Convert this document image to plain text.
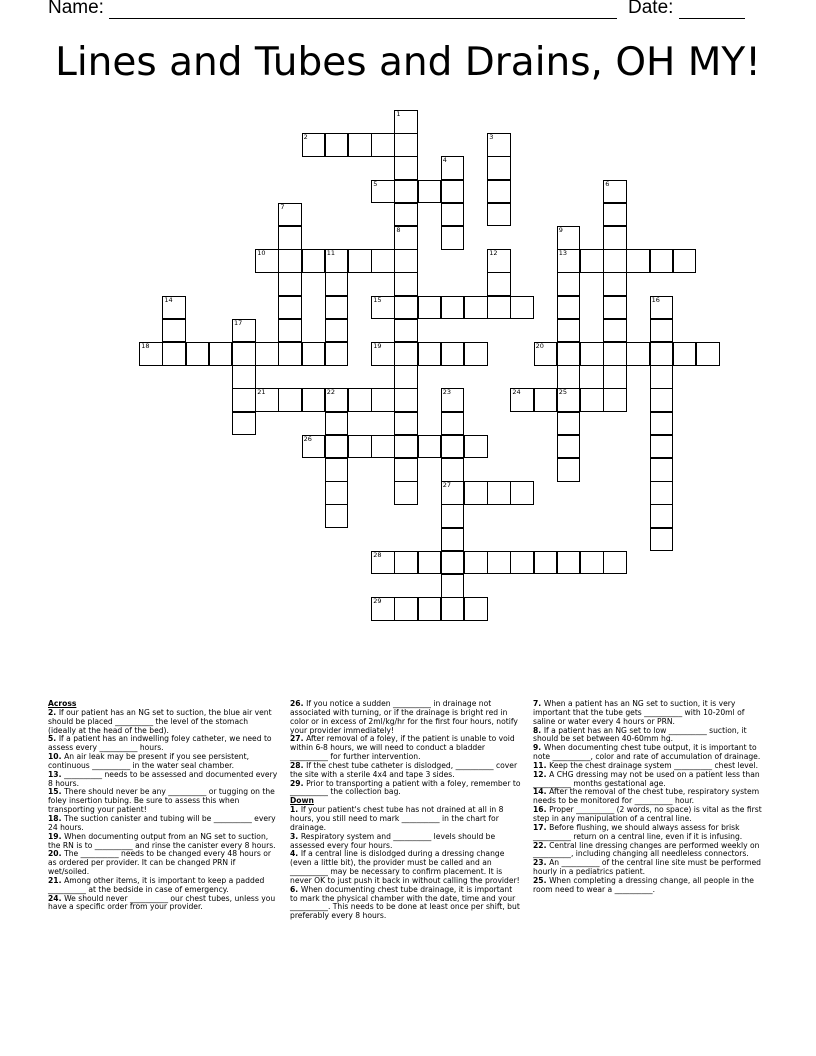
Name:	Date:
Lines and Tubes and Drains, OH MY!
1
8
2	3
4
5	6
7
9
13
10	11	12
14	15	16
17
18	19	20
21	22	23
27
24	25
26
28
29
Across
2. If our patient has an NG set to suction, the blue air vent should be placed __________ the level of the stomach (ideally at the head of the bed).
5. If a patient has an indwelling foley catheter, we need to assess every __________ hours.
10. An air leak may be present if you see persistent, continuous __________ in the water seal chamber.
13. __________ needs to be assessed and documented every 8 hours.
15. There should never be any __________ or tugging on the foley insertion tubing. Be sure to assess this when transporting your patient!
18. The suction canister and tubing will be __________ every 24 hours.
19. When documenting output from an NG set to suction, the RN is to __________ and rinse the canister every 8 hours.
20. The __________ needs to be changed every 48 hours or as ordered per provider. It can be changed PRN if wet/soiled.
21. Among other items, it is important to keep a padded __________ at the bedside in case of emergency.
24. We should never __________ our chest tubes, unless you have a specific order from your provider.
26. If you notice a sudden __________ in drainage not associated with turning, or if the drainage is bright red in color or in excess of 2ml/kg/hr for the first four hours, notify your provider immediately!
27. After removal of a foley, if the patient is unable to void within 6-8 hours, we will need to conduct a bladder __________ for further intervention.
28. If the chest tube catheter is dislodged, __________ cover the site with a sterile 4x4 and tape 3 sides.
29. Prior to transporting a patient with a foley, remember to __________ the collection bag.
Down
1. If your patient's chest tube has not drained at all in 8 hours, you still need to mark __________ in the chart for drainage.
3. Respiratory system and __________ levels should be assessed every four hours.
4. If a central line is dislodged during a dressing change (even a little bit), the provider must be called and an __________ may be necessary to confirm placement. It is never OK to just push it back in without calling the provider!
6. When documenting chest tube drainage, it is important to mark the physical chamber with the date, time and your __________. This needs to be done at least once per shift, but preferably every 8 hours.
7. When a patient has an NG set to suction, it is very important that the tube gets __________ with 10-20ml of saline or water every 4 hours or PRN.
8. If a patient has an NG set to low __________ suction, it should be set between 40-60mm hg.
9. When documenting chest tube output, it is important to note __________, color and rate of accumulation of drainage.
11. Keep the chest drainage system __________ chest level.
12. A CHG dressing may not be used on a patient less than __________ months gestational age.
14. After the removal of the chest tube, respiratory system needs to be monitored for __________ hour.
16. Proper __________ (2 words, no space) is vital as the first step in any manipulation of a central line.
17. Before flushing, we should always assess for brisk __________ return on a central line, even if it is infusing.
22. Central line dressing changes are performed weekly on __________, including changing all needleless connectors.
23. An __________ of the central line site must be performed hourly in a pediatrics patient.
25. When completing a dressing change, all people in the room need to wear a __________.
